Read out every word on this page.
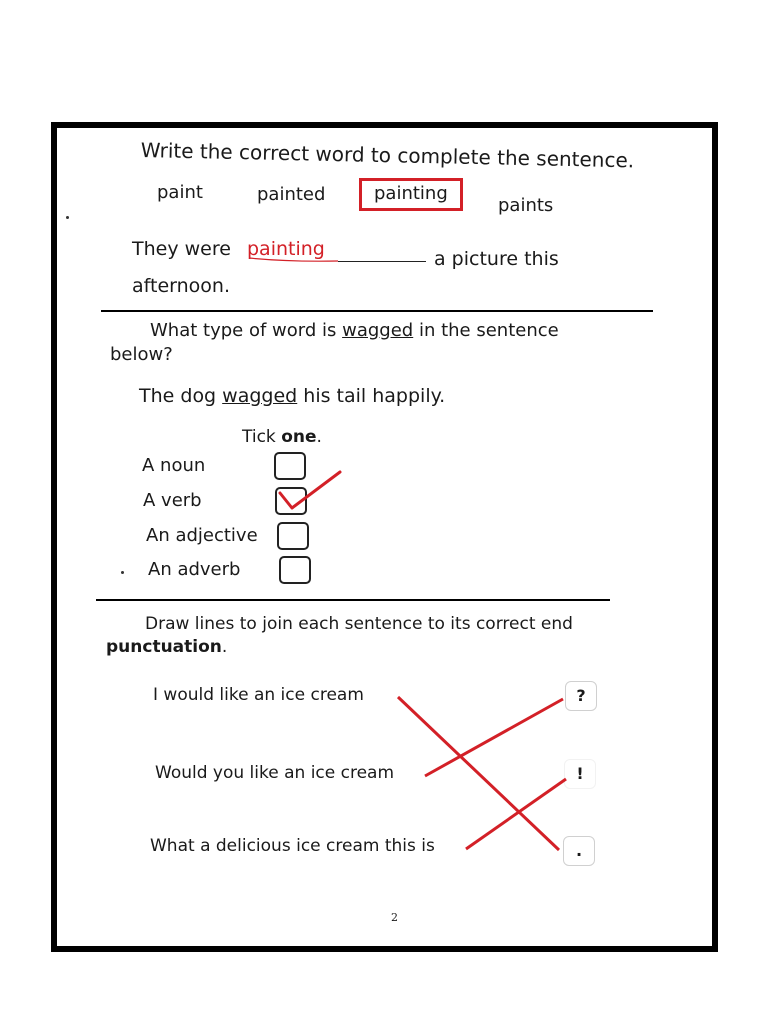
Write the correct word to complete the sentence.
paint	painted	painting
paints
They were painting	a picture this
afternoon.
What type of word is wagged in the sentence
below?
The dog wagged his tail happily.
Tick one.
A noun
A verb
An adjective
An adverb
Draw lines to join each sentence to its correct end
punctuation.
I would like an ice cream
Would you like an ice cream
What a delicious ice cream this is
?
!
.
2
